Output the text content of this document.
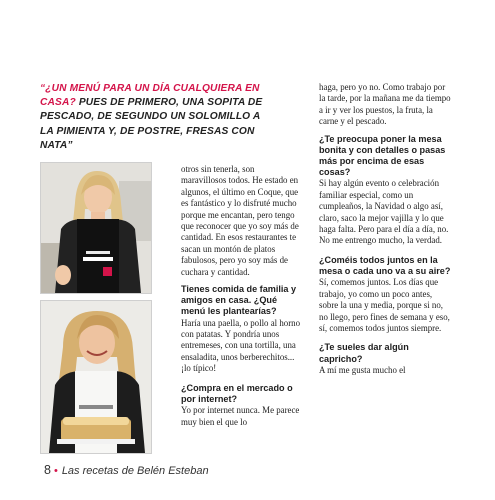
“¿UN MENÚ PARA UN DÍA CUALQUIERA EN CASA? PUES DE PRIMERO, UNA SOPITA DE PESCADO, DE SEGUNDO UN SOLOMILLO A LA PIMIENTA Y, DE POSTRE, FRESAS CON NATA”

otros sin tenerla, son maravillosos todos. He estado en algunos, el último en Coque, que es fantástico y lo disfruté mucho porque me encantan, pero tengo que reconocer que yo soy más de cantidad. En esos restaurantes te sacan un montón de platos fabulosos, pero yo soy más de cuchara y cantidad.

Tienes comida de familia y amigos en casa. ¿Qué menú les plantearías?

Haría una paella, o pollo al horno con patatas. Y pondría unos entremeses, con una tortilla, una ensaladita, unos berberechitos... ¡lo típico!

¿Compra en el mercado o por internet?

Yo por internet nunca. Me parece muy bien el que lo

haga, pero yo no. Como trabajo por la tarde, por la mañana me da tiempo a ir y ver los puestos, la fruta, la carne y el pescado.

¿Te preocupa poner la mesa bonita y con detalles o pasas más por encima de esas cosas?

Si hay algún evento o celebración familiar especial, como un cumpleaños, la Navidad o algo así, claro, saco la mejor vajilla y lo que haga falta. Pero para el día a día, no. No me entrengo mucho, la verdad.

¿Coméis todos juntos en la mesa o cada uno va a su aire?

Sí, comemos juntos. Los días que trabajo, yo como un poco antes, sobre la una y media, porque si no, no llego, pero fines de semana y eso, sí, comemos todos juntos siempre.

¿Te sueles dar algún capricho?

A mí me gusta mucho el

8 • Las recetas de Belén Esteban
